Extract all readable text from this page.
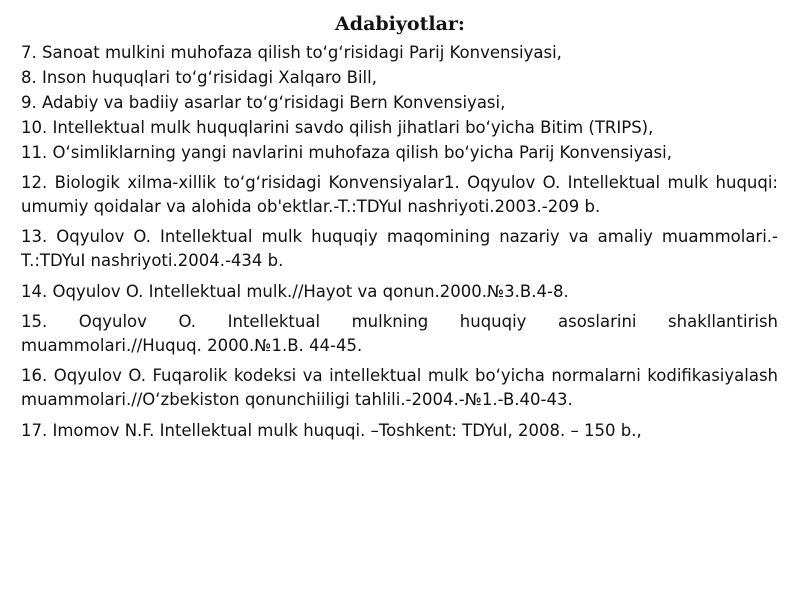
Adabiyotlar:
7. Sanoat mulkini muhofaza qilish to‘g‘risidagi Parij Konvensiyasi,
8. Inson huquqlari to‘g‘risidagi Xalqaro Bill,
9. Adabiy va badiiy asarlar to‘g‘risidagi Bern Konvensiyasi,
10. Intellektual mulk huquqlarini savdo qilish jihatlari bo‘yicha Bitim (TRIPS),
11. O‘simliklarning yangi navlarini muhofaza qilish bo‘yicha Parij Konvensiyasi,
12. Biologik xilma-xillik to‘g‘risidagi Konvensiyalar1. Oqyulov O. Intellektual mulk huquqi: umumiy qoidalar va alohida ob'ektlar.-T.:TDYuI nashriyoti.2003.-209 b.
13. Oqyulov O. Intellektual mulk huquqiy maqomining nazariy va amaliy muammolari.-T.:TDYuI nashriyoti.2004.-434 b.
14. Oqyulov O. Intellektual mulk.//Hayot va qonun.2000.№3.B.4-8.
15. Oqyulov O. Intellektual mulkning huquqiy asoslarini shakllantirish muammolari.//Huquq. 2000.№1.B. 44-45.
16. Oqyulov O. Fuqarolik kodeksi va intellektual mulk bo‘yicha normalarni kodifikasiyalash muammolari.//O‘zbekiston qonunchiiligi tahlili.-2004.-№1.-B.40-43.
17. Imomov N.F. Intellektual mulk huquqi. –Toshkent: TDYuI, 2008. – 150 b.,
